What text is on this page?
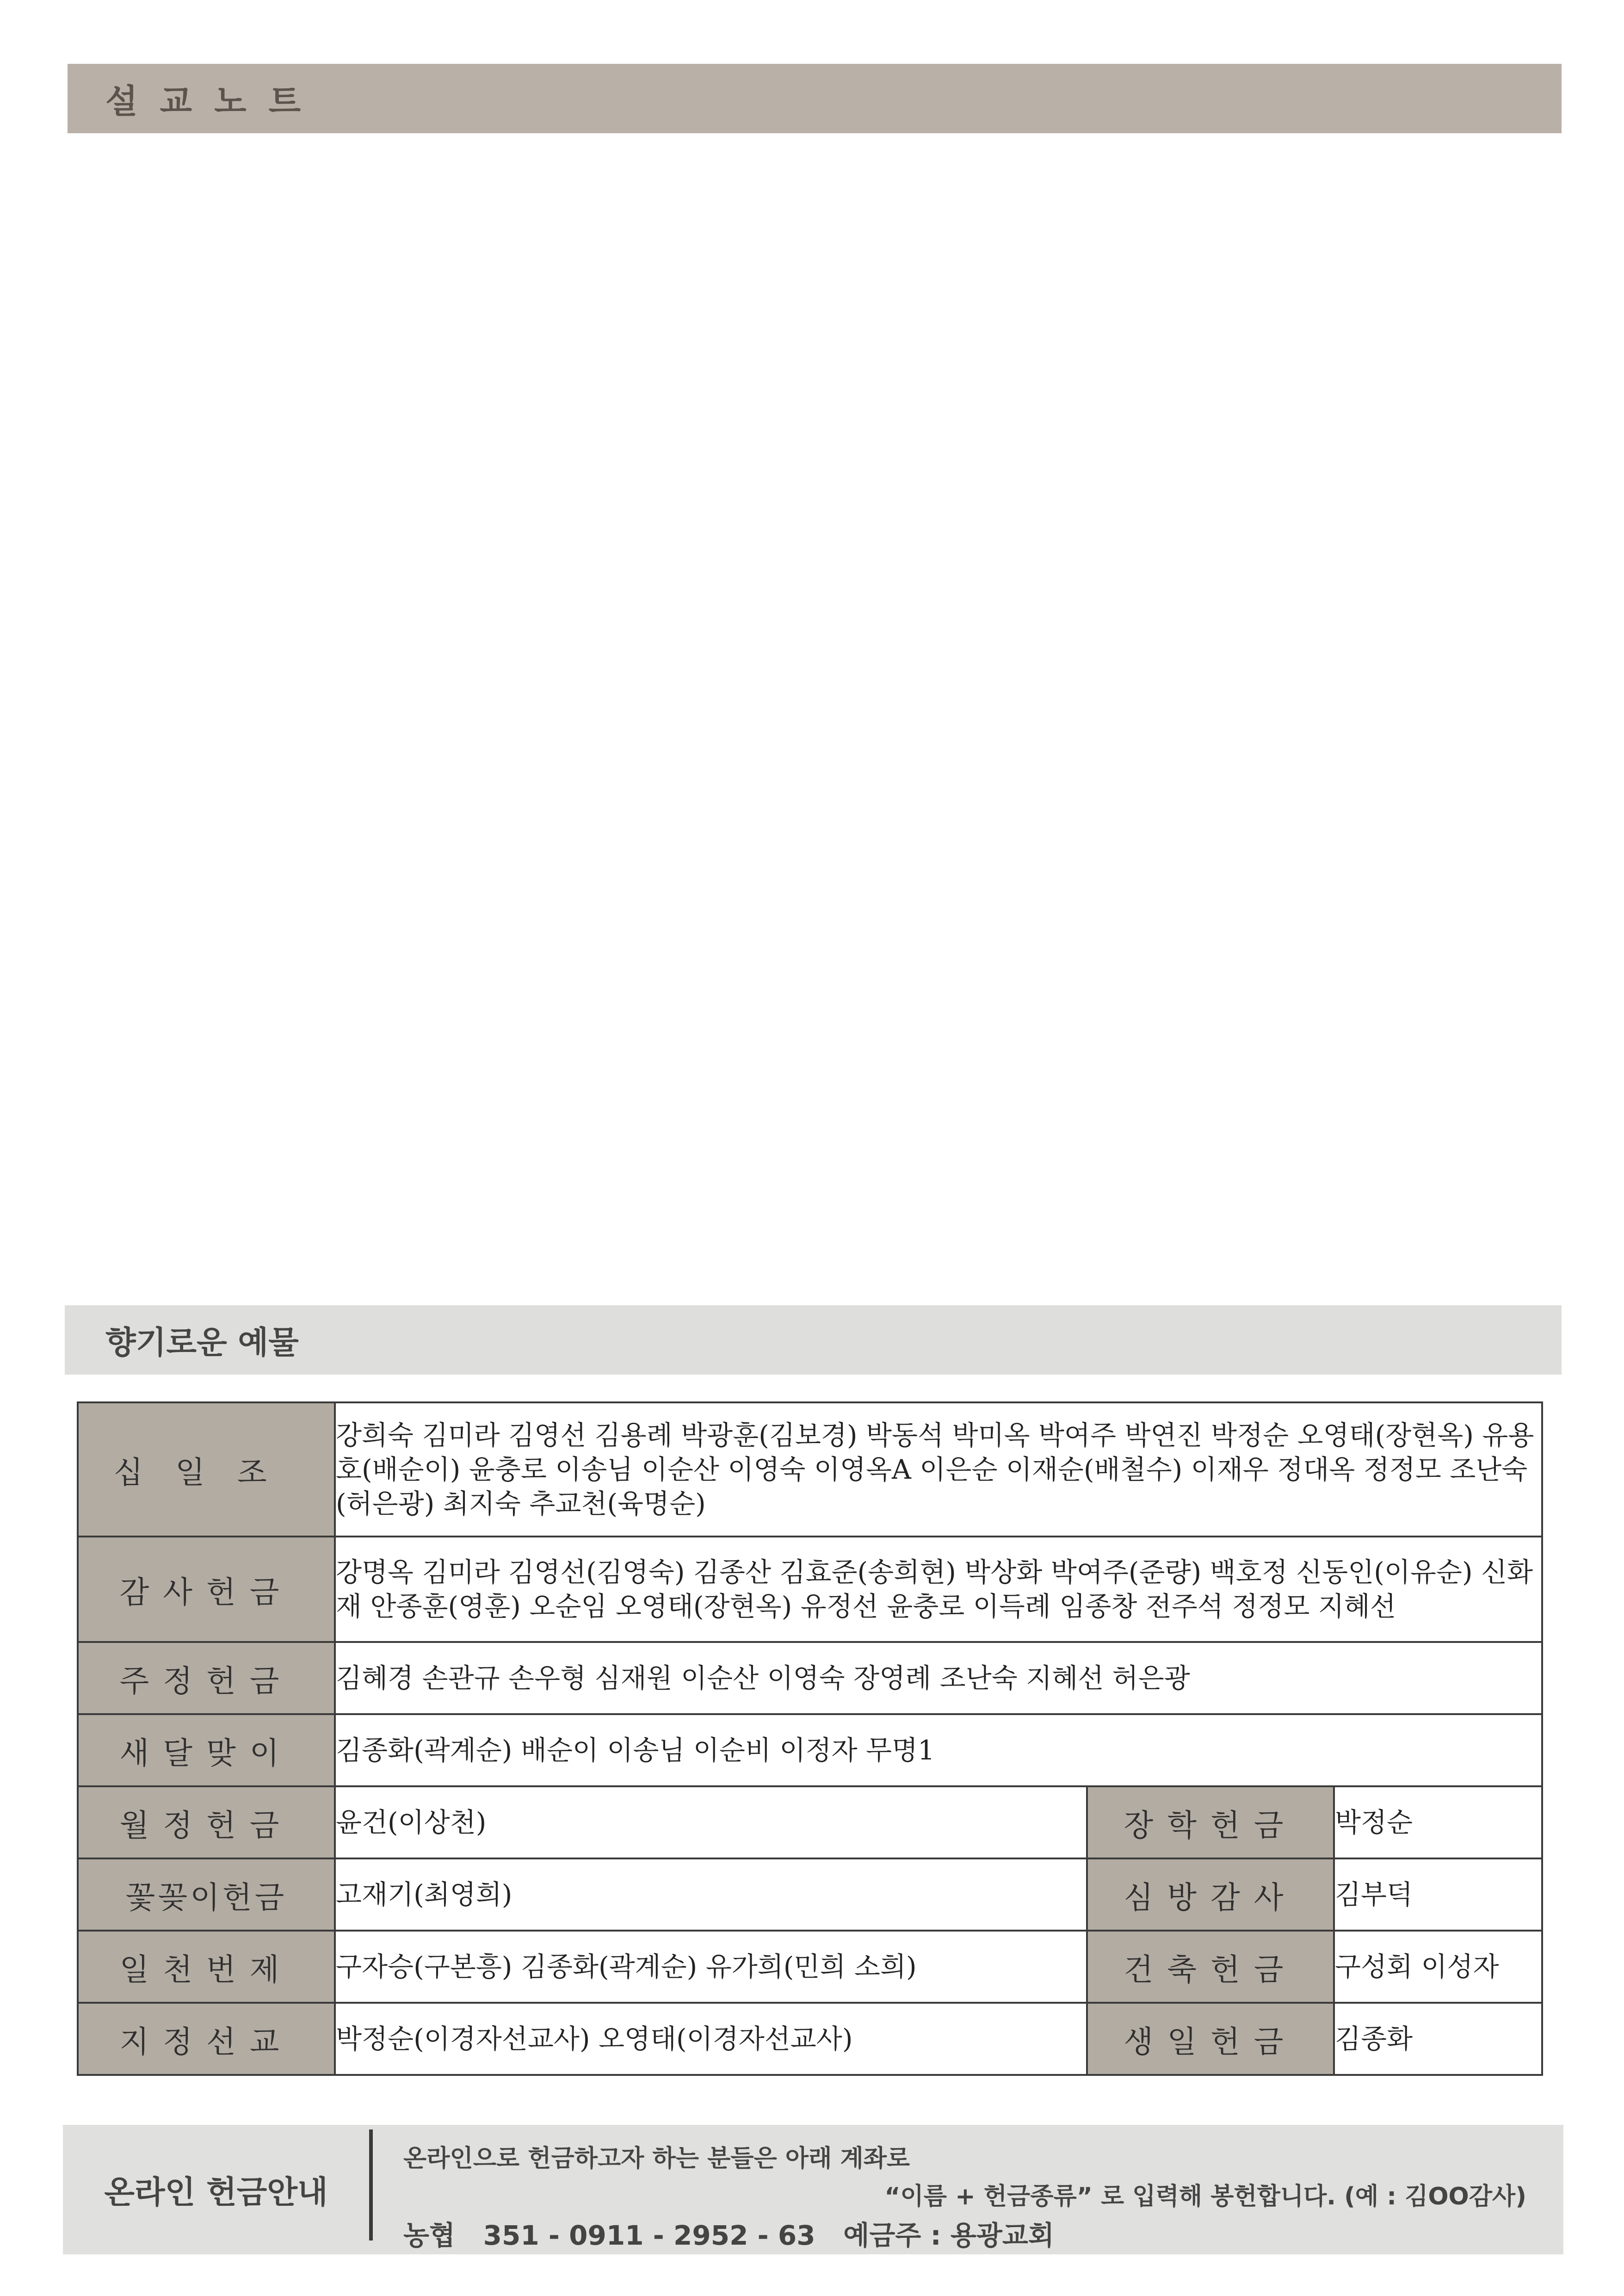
설교노트
향기로운 예물
십일조	강희숙 김미라 김영선 김용례 박광훈(김보경) 박동석 박미옥 박여주 박연진 박정순 오영태(장현옥) 유용호(배순이) 윤충로 이송님 이순산 이영숙 이영옥A 이은순 이재순(배철수) 이재우 정대옥 정정모 조난숙(허은광) 최지숙 추교천(육명순)		
감사헌금	강명옥 김미라 김영선(김영숙) 김종산 김효준(송희현) 박상화 박여주(준량) 백호정 신동인(이유순) 신화재 안종훈(영훈) 오순임 오영태(장현옥) 유정선 윤충로 이득례 임종창 전주석 정정모 지혜선		
주정헌금	김혜경 손관규 손우형 심재원 이순산 이영숙 장영례 조난숙 지혜선 허은광		
새달맞이	김종화(곽계순) 배순이 이송님 이순비 이정자 무명1		
월정헌금	윤건(이상천)	장학헌금	박정순
꽃꽂이헌금	고재기(최영희)	심방감사	김부덕
일천번제	구자승(구본흥) 김종화(곽계순) 유가희(민희 소희)	건축헌금	구성회 이성자
지정선교	박정순(이경자선교사) 오영태(이경자선교사)	생일헌금	김종화
온라인 헌금안내
온라인으로 헌금하고자 하는 분들은 아래 계좌로
“이름 + 헌금종류” 로 입력해 봉헌합니다. (예 : 김OO감사)
농협   351 - 0911 - 2952 - 63   예금주 : 용광교회
